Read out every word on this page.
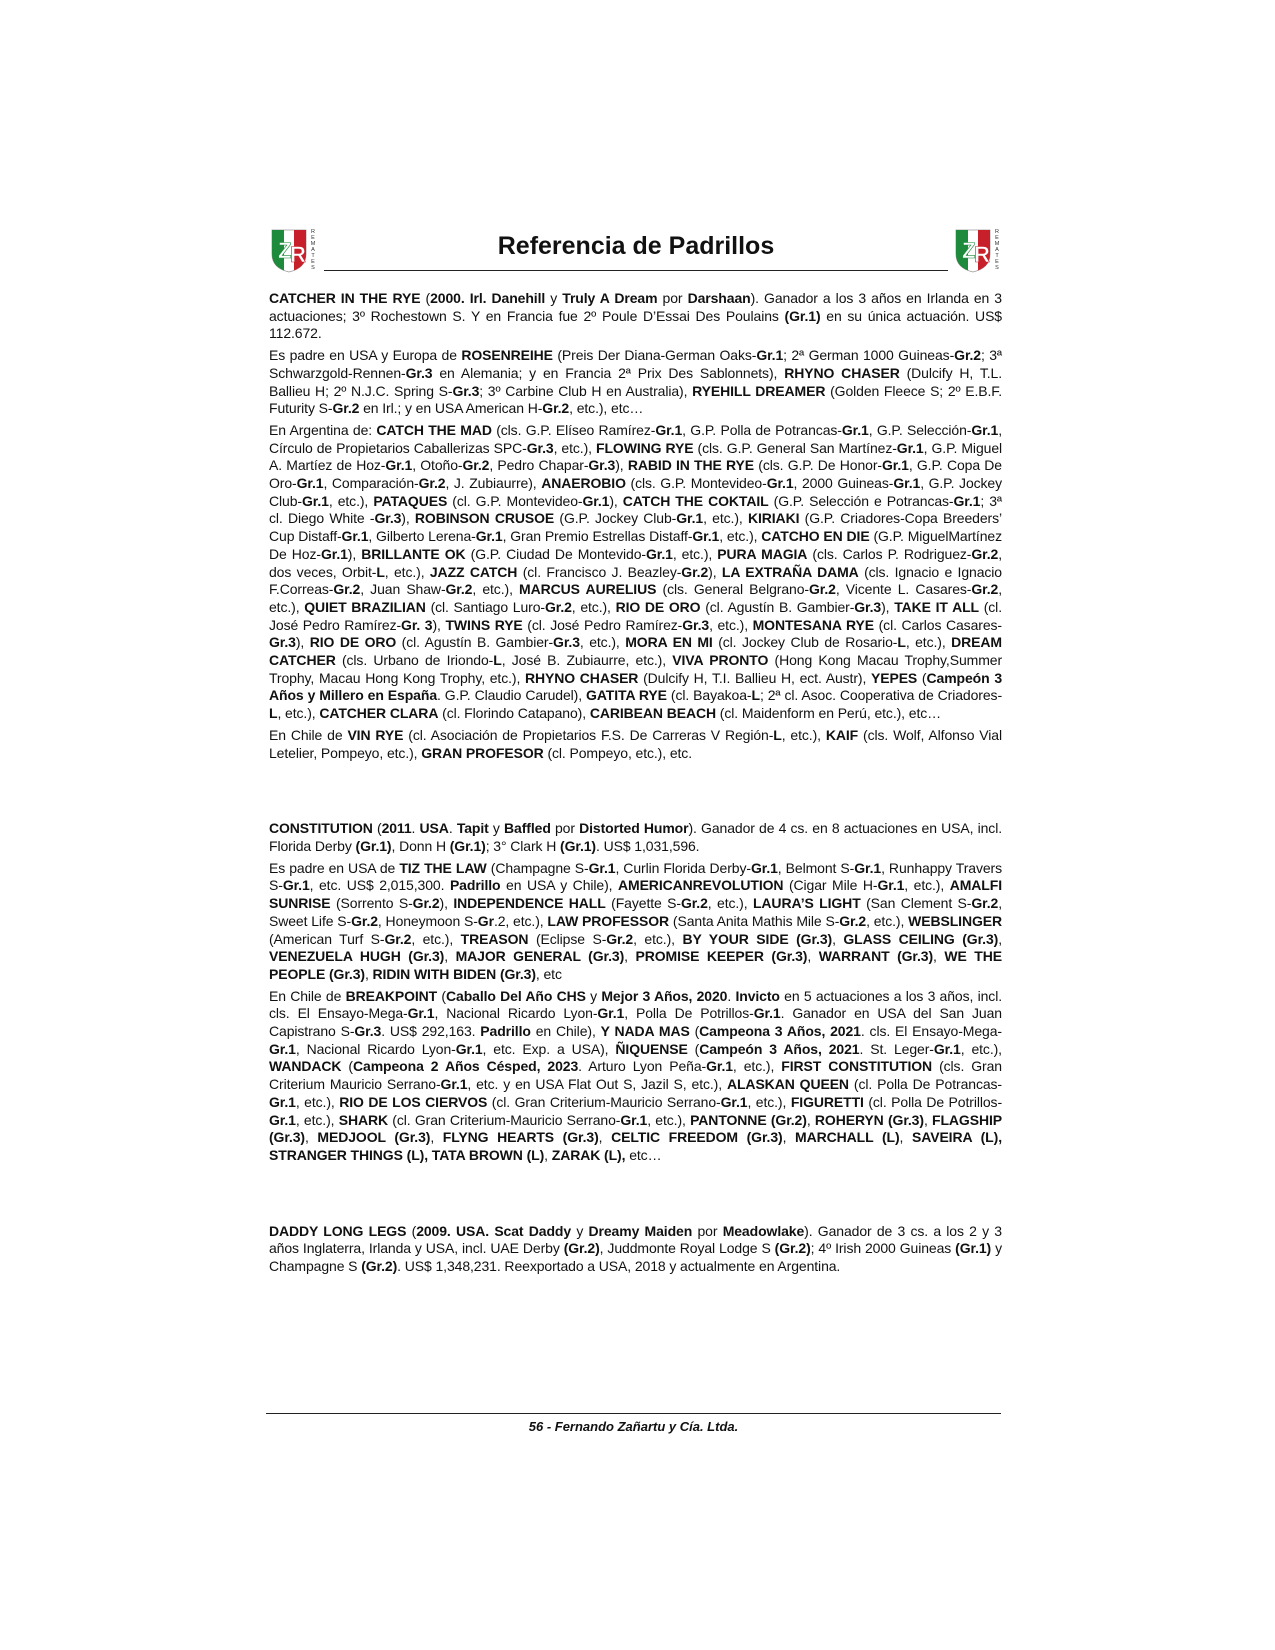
Z
R
R
E
M
A
T
E
S
Referencia de Padrillos	Z
R
R
E
M
A
T
E
S

CATCHER IN THE RYE (2000. Irl. Danehill y Truly A Dream por Darshaan). Ganador a los 3 años en Irlanda en 3 actuaciones; 3º Rochestown S. Y en Francia fue 2º Poule D’Essai Des Poulains (Gr.1) en su única actuación. US$ 112.672.

Es padre en USA y Europa de ROSENREIHE (Preis Der Diana-German Oaks-Gr.1; 2ª German 1000 Guineas-Gr.2; 3ª Schwarzgold-Rennen-Gr.3 en Alemania; y en Francia 2ª Prix Des Sablonnets), RHYNO CHASER (Dulcify H, T.L. Ballieu H; 2º N.J.C. Spring S-Gr.3; 3º Carbine Club H en Australia), RYEHILL DREAMER (Golden Fleece S; 2º E.B.F. Futurity S-Gr.2 en Irl.; y en USA American H-Gr.2, etc.), etc…

En Argentina de: CATCH THE MAD (cls. G.P. Elíseo Ramírez-Gr.1, G.P. Polla de Potrancas-Gr.1, G.P. Selección-Gr.1, Círculo de Propietarios Caballerizas SPC-Gr.3, etc.), FLOWING RYE (cls. G.P. General San Martínez-Gr.1, G.P. Miguel A. Martíez de Hoz-Gr.1, Otoño-Gr.2, Pedro Chapar-Gr.3), RABID IN THE RYE (cls. G.P. De Honor-Gr.1, G.P. Copa De Oro-Gr.1, Comparación-Gr.2, J. Zubiaurre), ANAEROBIO (cls. G.P. Montevideo-Gr.1, 2000 Guineas-Gr.1, G.P. Jockey Club-Gr.1, etc.), PATAQUES (cl. G.P. Montevideo-Gr.1), CATCH THE COKTAIL (G.P. Selección e Potrancas-Gr.1; 3ª cl. Diego White -Gr.3), ROBINSON CRUSOE (G.P. Jockey Club-Gr.1, etc.), KIRIAKI (G.P. Criadores-Copa Breeders’ Cup Distaff-Gr.1, Gilberto Lerena-Gr.1, Gran Premio Estrellas Distaff-Gr.1, etc.), CATCHO EN DIE (G.P. MiguelMartínez De Hoz-Gr.1), BRILLANTE OK (G.P. Ciudad De Montevido-Gr.1, etc.), PURA MAGIA (cls. Carlos P. Rodriguez-Gr.2, dos veces, Orbit-L, etc.), JAZZ CATCH (cl. Francisco J. Beazley-Gr.2), LA EXTRAÑA DAMA (cls. Ignacio e Ignacio F.Correas-Gr.2, Juan Shaw-Gr.2, etc.), MARCUS AURELIUS (cls. General Belgrano-Gr.2, Vicente L. Casares-Gr.2, etc.), QUIET BRAZILIAN (cl. Santiago Luro-Gr.2, etc.), RIO DE ORO (cl. Agustín B. Gambier-Gr.3), TAKE IT ALL (cl. José Pedro Ramírez-Gr. 3), TWINS RYE (cl. José Pedro Ramírez-Gr.3, etc.), MONTESANA RYE (cl. Carlos Casares-Gr.3), RIO DE ORO (cl. Agustín B. Gambier-Gr.3, etc.), MORA EN MI (cl. Jockey Club de Rosario-L, etc.), DREAM CATCHER (cls. Urbano de Iriondo-L, José B. Zubiaurre, etc.), VIVA PRONTO (Hong Kong Macau Trophy,Summer Trophy, Macau Hong Kong Trophy, etc.), RHYNO CHASER (Dulcify H, T.I. Ballieu H, ect. Austr), YEPES (Campeón 3 Años y Millero en España. G.P. Claudio Carudel), GATITA RYE (cl. Bayakoa-L; 2ª cl. Asoc. Cooperativa de Criadores-L, etc.), CATCHER CLARA (cl. Florindo Catapano), CARIBEAN BEACH (cl. Maidenform en Perú, etc.), etc…

En Chile de VIN RYE (cl. Asociación de Propietarios F.S. De Carreras V Región-L, etc.), KAIF (cls. Wolf, Alfonso Vial Letelier, Pompeyo, etc.), GRAN PROFESOR (cl. Pompeyo, etc.), etc.

CONSTITUTION (2011. USA. Tapit y Baffled por Distorted Humor). Ganador de 4 cs. en 8 actuaciones en USA, incl. Florida Derby (Gr.1), Donn H (Gr.1); 3° Clark H (Gr.1). US$ 1,031,596.

Es padre en USA de TIZ THE LAW (Champagne S-Gr.1, Curlin Florida Derby-Gr.1, Belmont S-Gr.1, Runhappy Travers S-Gr.1, etc. US$ 2,015,300. Padrillo en USA y Chile), AMERICANREVOLUTION (Cigar Mile H-Gr.1, etc.), AMALFI SUNRISE (Sorrento S-Gr.2), INDEPENDENCE HALL (Fayette S-Gr.2, etc.), LAURA’S LIGHT (San Clement S-Gr.2, Sweet Life S-Gr.2, Honeymoon S-Gr.2, etc.), LAW PROFESSOR (Santa Anita Mathis Mile S-Gr.2, etc.), WEBSLINGER (American Turf S-Gr.2, etc.), TREASON (Eclipse S-Gr.2, etc.), BY YOUR SIDE (Gr.3), GLASS CEILING (Gr.3), VENEZUELA HUGH (Gr.3), MAJOR GENERAL (Gr.3), PROMISE KEEPER (Gr.3), WARRANT (Gr.3), WE THE PEOPLE (Gr.3), RIDIN WITH BIDEN (Gr.3), etc

En Chile de BREAKPOINT (Caballo Del Año CHS y Mejor 3 Años, 2020. Invicto en 5 actuaciones a los 3 años, incl. cls. El Ensayo-Mega-Gr.1, Nacional Ricardo Lyon-Gr.1, Polla De Potrillos-Gr.1. Ganador en USA del San Juan Capistrano S-Gr.3. US$ 292,163. Padrillo en Chile), Y NADA MAS (Campeona 3 Años, 2021. cls. El Ensayo-Mega-Gr.1, Nacional Ricardo Lyon-Gr.1, etc. Exp. a USA), ÑIQUENSE (Campeón 3 Años, 2021. St. Leger-Gr.1, etc.), WANDACK (Campeona 2 Años Césped, 2023. Arturo Lyon Peña-Gr.1, etc.), FIRST CONSTITUTION (cls. Gran Criterium Mauricio Serrano-Gr.1, etc. y en USA Flat Out S, Jazil S, etc.), ALASKAN QUEEN (cl. Polla De Potrancas-Gr.1, etc.), RIO DE LOS CIERVOS (cl. Gran Criterium-Mauricio Serrano-Gr.1, etc.), FIGURETTI (cl. Polla De Potrillos-Gr.1, etc.), SHARK (cl. Gran Criterium-Mauricio Serrano-Gr.1, etc.), PANTONNE (Gr.2), ROHERYN (Gr.3), FLAGSHIP (Gr.3), MEDJOOL (Gr.3), FLYNG HEARTS (Gr.3), CELTIC FREEDOM (Gr.3), MARCHALL (L), SAVEIRA (L), STRANGER THINGS (L), TATA BROWN (L), ZARAK (L), etc…

DADDY LONG LEGS (2009. USA. Scat Daddy y Dreamy Maiden por Meadowlake). Ganador de 3 cs. a los 2 y 3 años Inglaterra, Irlanda y USA, incl. UAE Derby (Gr.2), Juddmonte Royal Lodge S (Gr.2); 4º Irish 2000 Guineas (Gr.1) y Champagne S (Gr.2). US$ 1,348,231. Reexportado a USA, 2018 y actualmente en Argentina.

56 - Fernando Zañartu y Cía. Ltda.
